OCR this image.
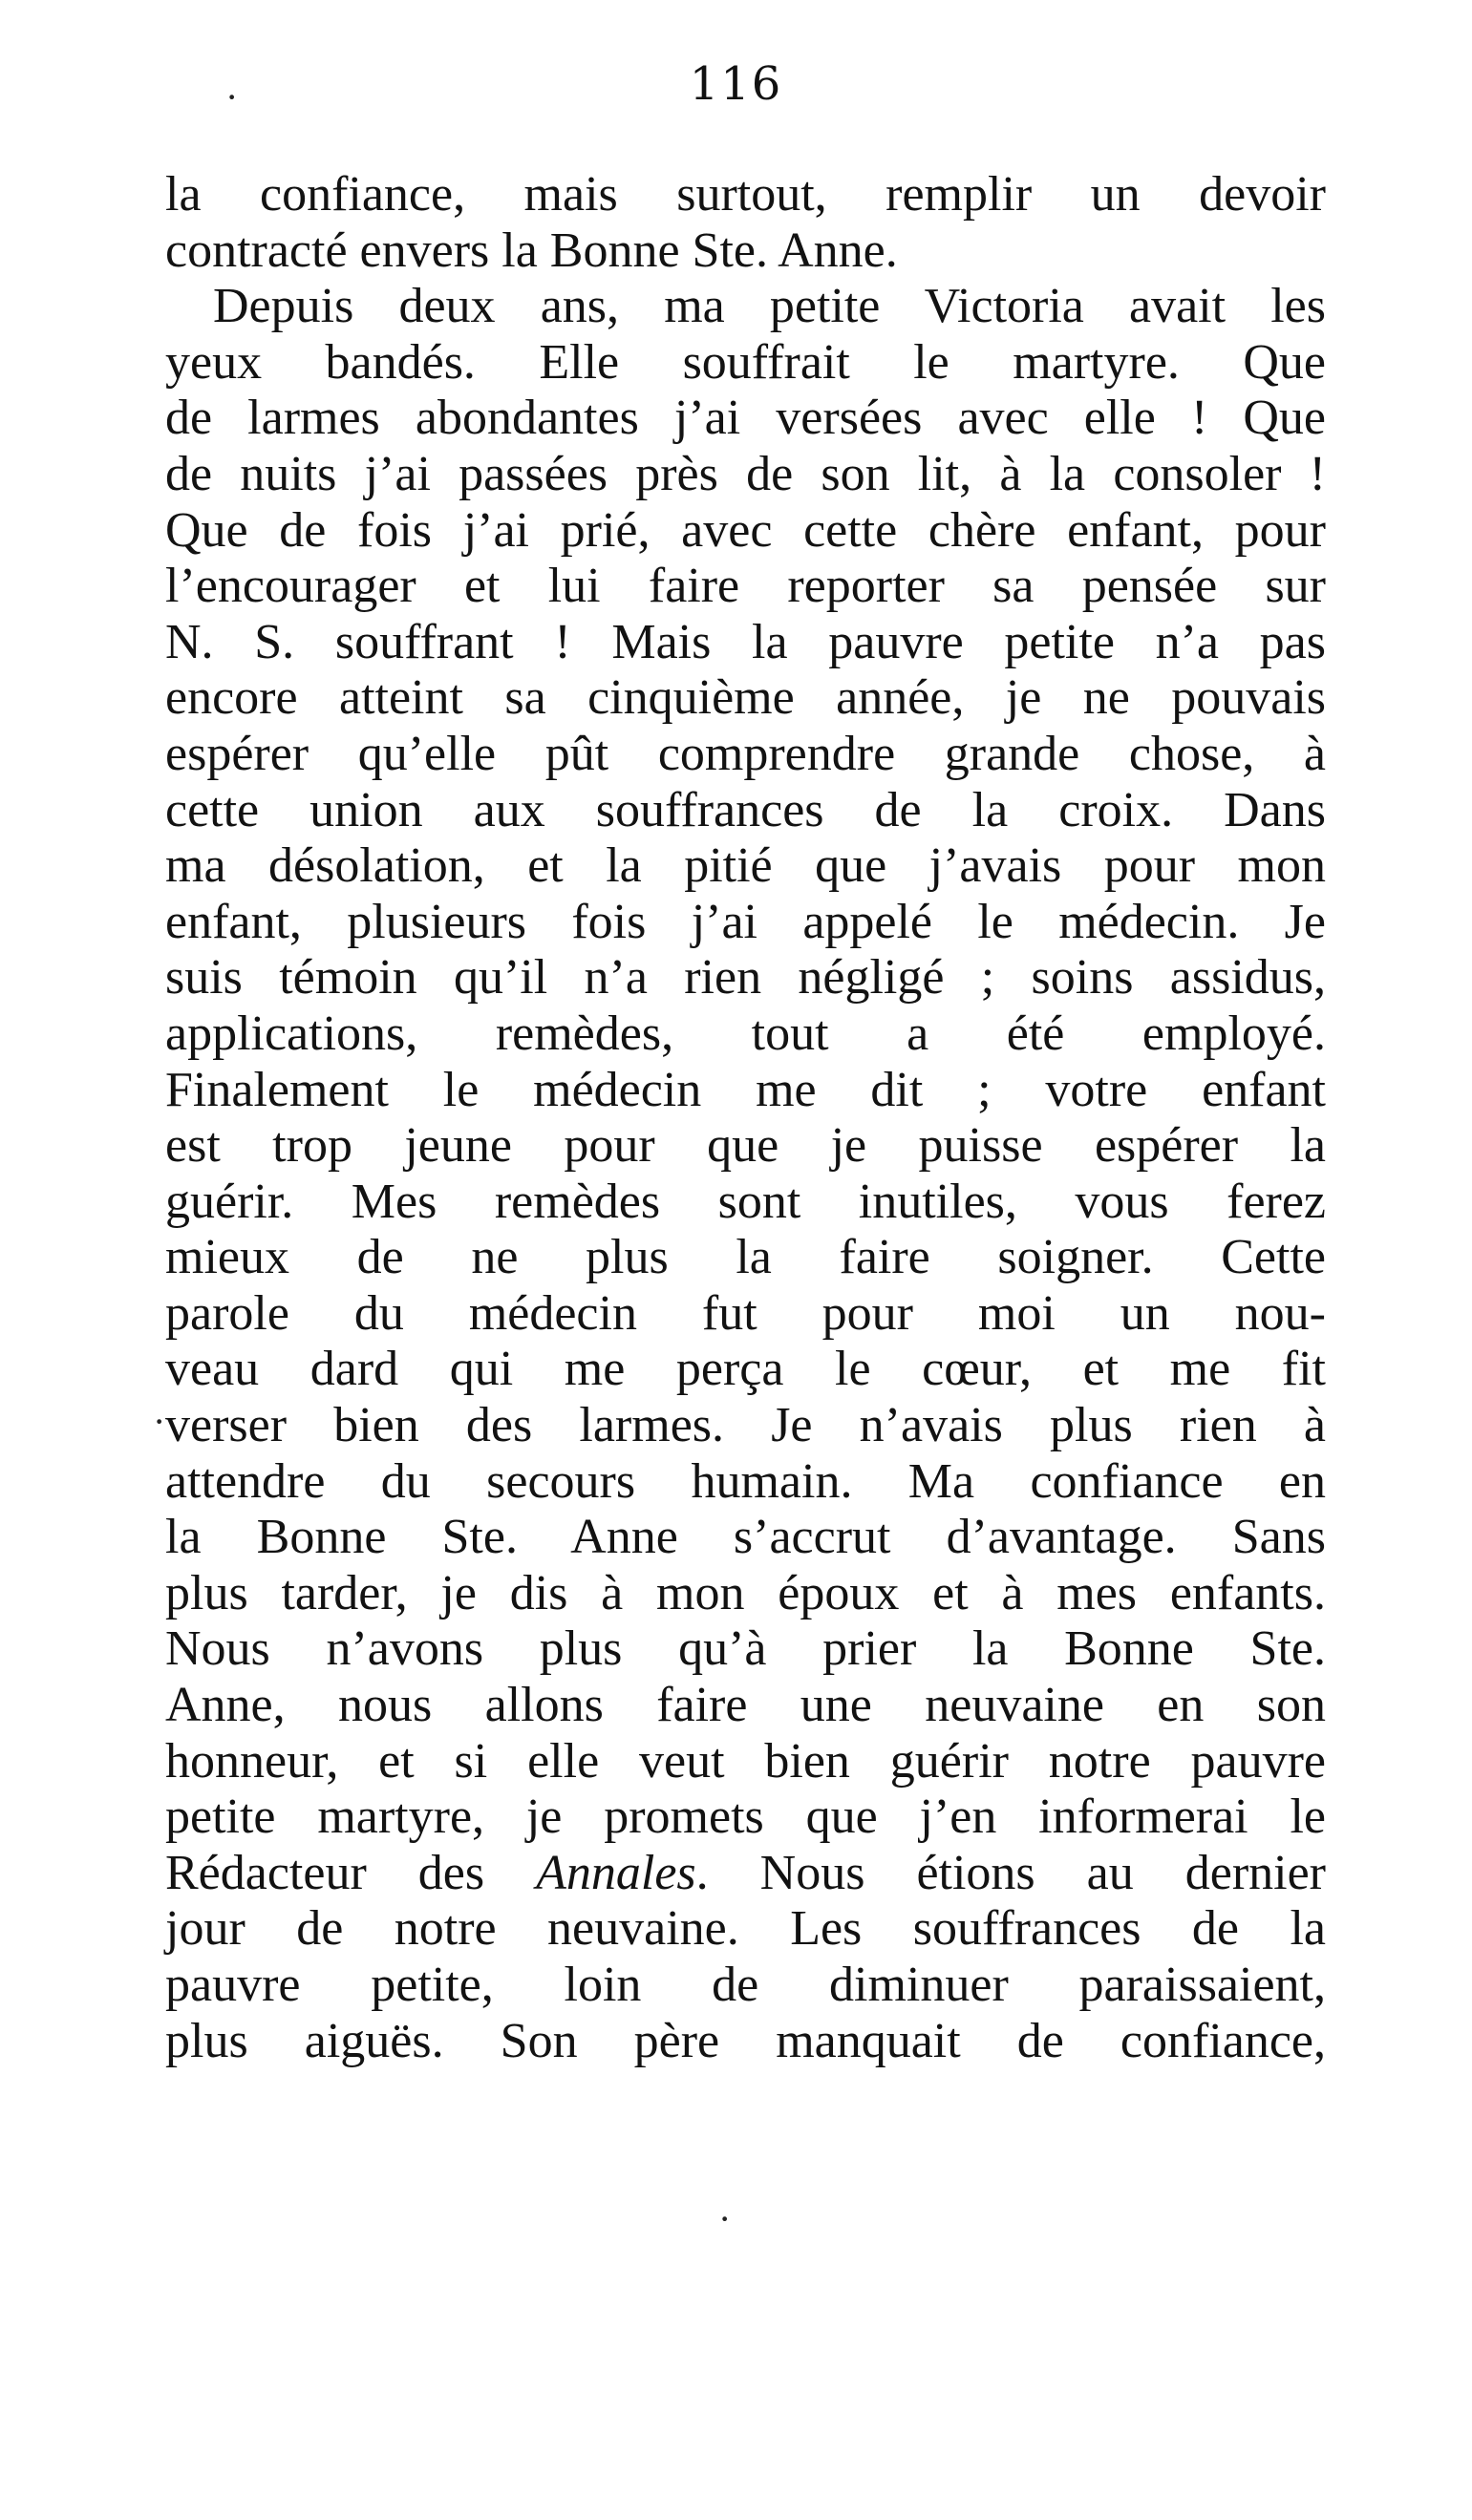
116
·
la confiance, mais surtout, remplir un devoir
contracté envers la Bonne Ste. Anne.
Depuis deux ans, ma petite Victoria avait les
yeux bandés. Elle souffrait le martyre. Que
de larmes abondantes j’ai versées avec elle ! Que
de nuits j’ai passées près de son lit, à la consoler !
Que de fois j’ai prié, avec cette chère enfant, pour
l’encourager et lui faire reporter sa pensée sur
N. S. souffrant ! Mais la pauvre petite n’a pas
encore atteint sa cinquième année, je ne pouvais
espérer qu’elle pût comprendre grande chose, à
cette union aux souffrances de la croix. Dans
ma désolation, et la pitié que j’avais pour mon
enfant, plusieurs fois j’ai appelé le médecin. Je
suis témoin qu’il n’a rien négligé ; soins assidus,
applications, remèdes, tout a été employé.
Finalement le médecin me dit ; votre enfant
est trop jeune pour que je puisse espérer la
guérir. Mes remèdes sont inutiles, vous ferez
mieux de ne plus la faire soigner. Cette
parole du médecin fut pour moi un nou-
veau dard qui me perça le cœur, et me fit
verser bien des larmes. Je n’avais plus rien à
attendre du secours humain. Ma confiance en
la Bonne Ste. Anne s’accrut d’avantage. Sans
plus tarder, je dis à mon époux et à mes enfants.
Nous n’avons plus qu’à prier la Bonne Ste.
Anne, nous allons faire une neuvaine en son
honneur, et si elle veut bien guérir notre pauvre
petite martyre, je promets que j’en informerai le
Rédacteur des Annales. Nous étions au dernier
jour de notre neuvaine. Les souffrances de la
pauvre petite, loin de diminuer paraissaient,
plus aiguës. Son père manquait de confiance,
·
·
